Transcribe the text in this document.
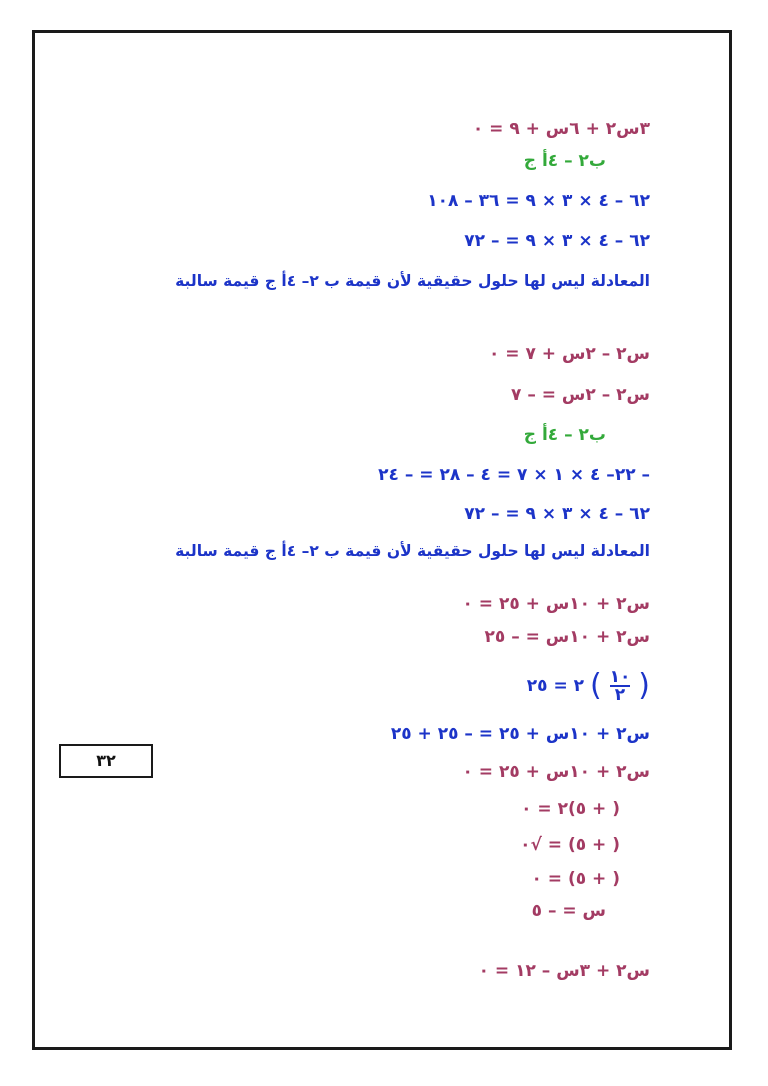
٣س٢ + ٦س + ٩ = ٠
ب٢ – ٤أ ج
٦٢ – ٤ × ٣ × ٩ = ٣٦ – ١٠٨
٦٢ – ٤ × ٣ × ٩ = – ٧٢
المعادلة ليس لها حلول حقيقية لأن قيمة ب ٢– ٤أ ج قيمة سالبة
س٢ – ٢س + ٧ = ٠
س٢ – ٢س = – ٧
ب٢ – ٤أ ج
– ٢٢– ٤ × ١ × ٧ = ٤ – ٢٨ = – ٢٤
٦٢ – ٤ × ٣ × ٩ = – ٧٢
المعادلة ليس لها حلول حقيقية لأن قيمة ب ٢– ٤أ ج قيمة سالبة
س٢ + ١٠س + ٢٥ = ٠
س٢ + ١٠س = – ٢٥
٢ = ٢٥ ( $\frac{١٠}{٢}$ )
س٢ + ١٠س + ٢٥ = – ٢٥ + ٢٥
س٢ + ١٠س + ٢٥ = ٠
( + ٥)٢ = ٠
( + ٥) = √٠
( + ٥) = ٠
س = – ٥
س٢ + ٣س – ١٢ = ٠
٣٢
